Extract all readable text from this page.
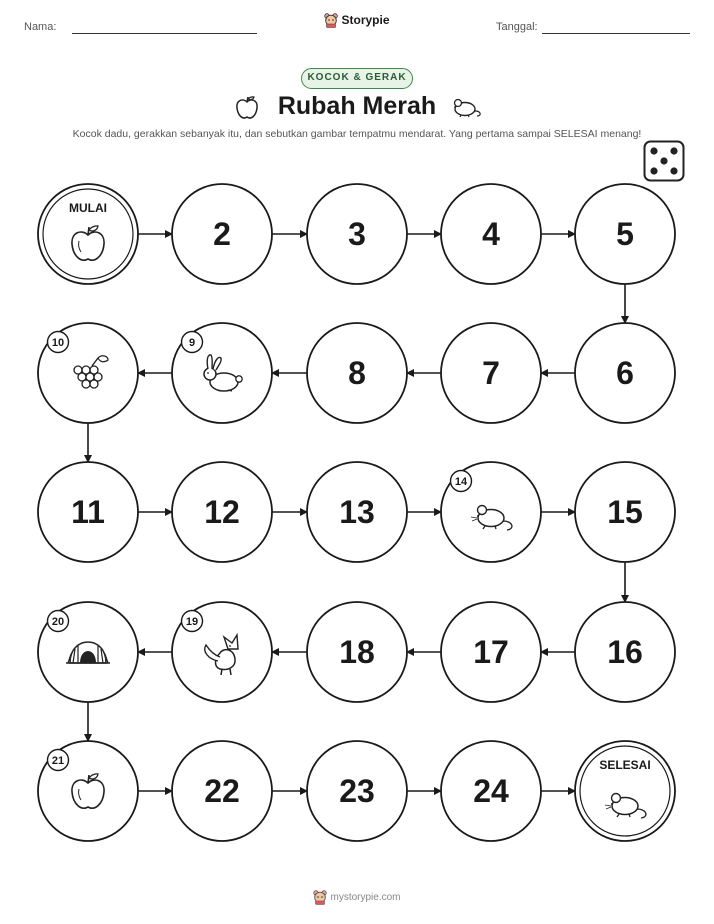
Nama:	Storypie	Tanggal:
KOCOK & GERAK
Rubah Merah
Kocok dadu, gerakkan sebanyak itu, dan sebutkan gambar tempatmu mendarat. Yang pertama sampai SELESAI menang!
MULAI
2	3	4	5
6
7
8
9
10
11	12	13
14
15
16
17
18
19
20
21
22	23	24
SELESAI
mystorypie.com
